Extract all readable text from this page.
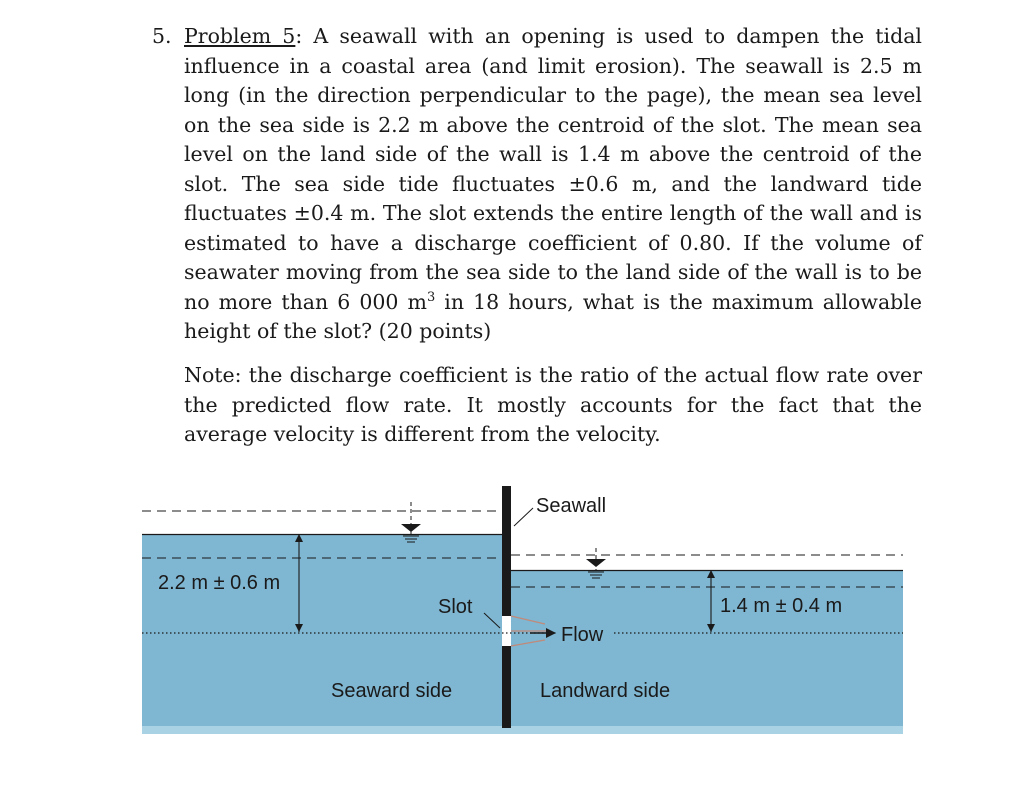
5. Problem 5: A seawall with an opening is used to dampen the tidal influence in a coastal area (and limit erosion). The seawall is 2.5 m long (in the direction perpendicular to the page), the mean sea level on the sea side is 2.2 m above the centroid of the slot. The mean sea level on the land side of the wall is 1.4 m above the centroid of the slot. The sea side tide fluctuates ±0.6 m, and the landward tide fluctuates ±0.4 m. The slot extends the entire length of the wall and is estimated to have a discharge coefficient of 0.80. If the volume of seawater moving from the sea side to the land side of the wall is to be no more than 6 000 $m^3$ in 18 hours, what is the maximum allowable height of the slot? (20 points)
Note: the discharge coefficient is the ratio of the actual flow rate over the predicted flow rate. It mostly accounts for the fact that the average velocity is different from the velocity.
Seawall
2.2 m ± 0.6 m
1.4 m ± 0.4 m
Slot
Flow
Seaward side	Landward side
